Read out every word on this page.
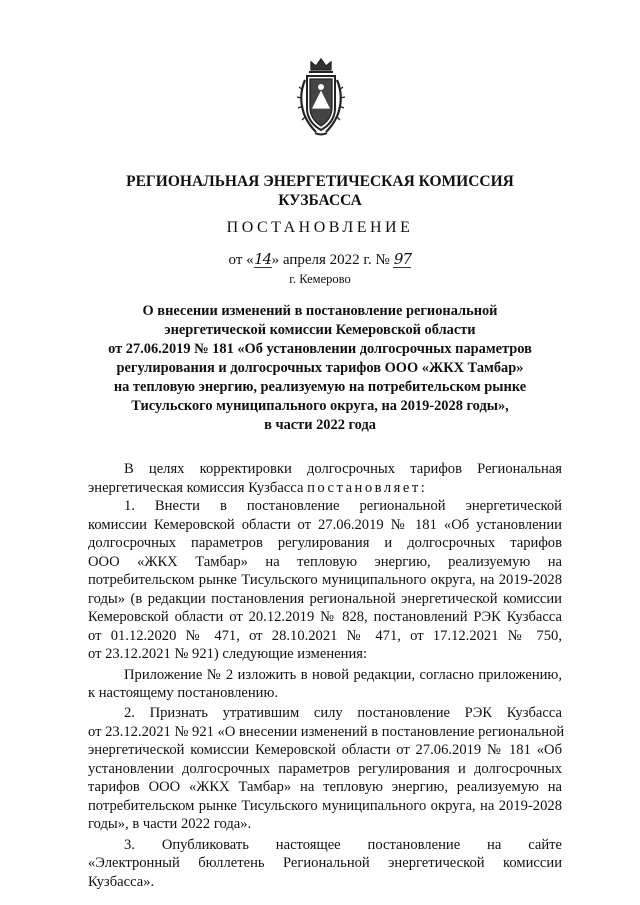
РЕГИОНАЛЬНАЯ ЭНЕРГЕТИЧЕСКАЯ КОМИССИЯ
КУЗБАССА
ПОСТАНОВЛЕНИЕ
от «14» апреля 2022 г. № 97
г. Кемерово
О внесении изменений в постановление региональной
энергетической комиссии Кемеровской области
от 27.06.2019 № 181 «Об установлении долгосрочных параметров
регулирования и долгосрочных тарифов ООО «ЖКХ Тамбар»
на тепловую энергию, реализуемую на потребительском рынке
Тисульского муниципального округа, на 2019-2028 годы»,
в части 2022 года
В целях корректировки долгосрочных тарифов Региональная
энергетическая комиссия Кузбасса постановляет:
1. Внести в постановление региональной энергетической
комиссии Кемеровской области от 27.06.2019 № 181 «Об установлении
долгосрочных параметров регулирования и долгосрочных тарифов
ООО «ЖКХ Тамбар» на тепловую энергию, реализуемую на
потребительском рынке Тисульского муниципального округа, на 2019-2028
годы» (в редакции постановления региональной энергетической комиссии
Кемеровской области от 20.12.2019 № 828, постановлений РЭК Кузбасса
от 01.12.2020 № 471, от 28.10.2021 № 471, от 17.12.2021 № 750,
от 23.12.2021 № 921) следующие изменения:
Приложение № 2 изложить в новой редакции, согласно приложению,
к настоящему постановлению.
2. Признать утратившим силу постановление РЭК Кузбасса
от 23.12.2021 № 921 «О внесении изменений в постановление региональной
энергетической комиссии Кемеровской области от 27.06.2019 № 181 «Об
установлении долгосрочных параметров регулирования и долгосрочных
тарифов ООО «ЖКХ Тамбар» на тепловую энергию, реализуемую на
потребительском рынке Тисульского муниципального округа, на 2019-2028
годы», в части 2022 года».
3. Опубликовать настоящее постановление на сайте
«Электронный бюллетень Региональной энергетической комиссии
Кузбасса».
